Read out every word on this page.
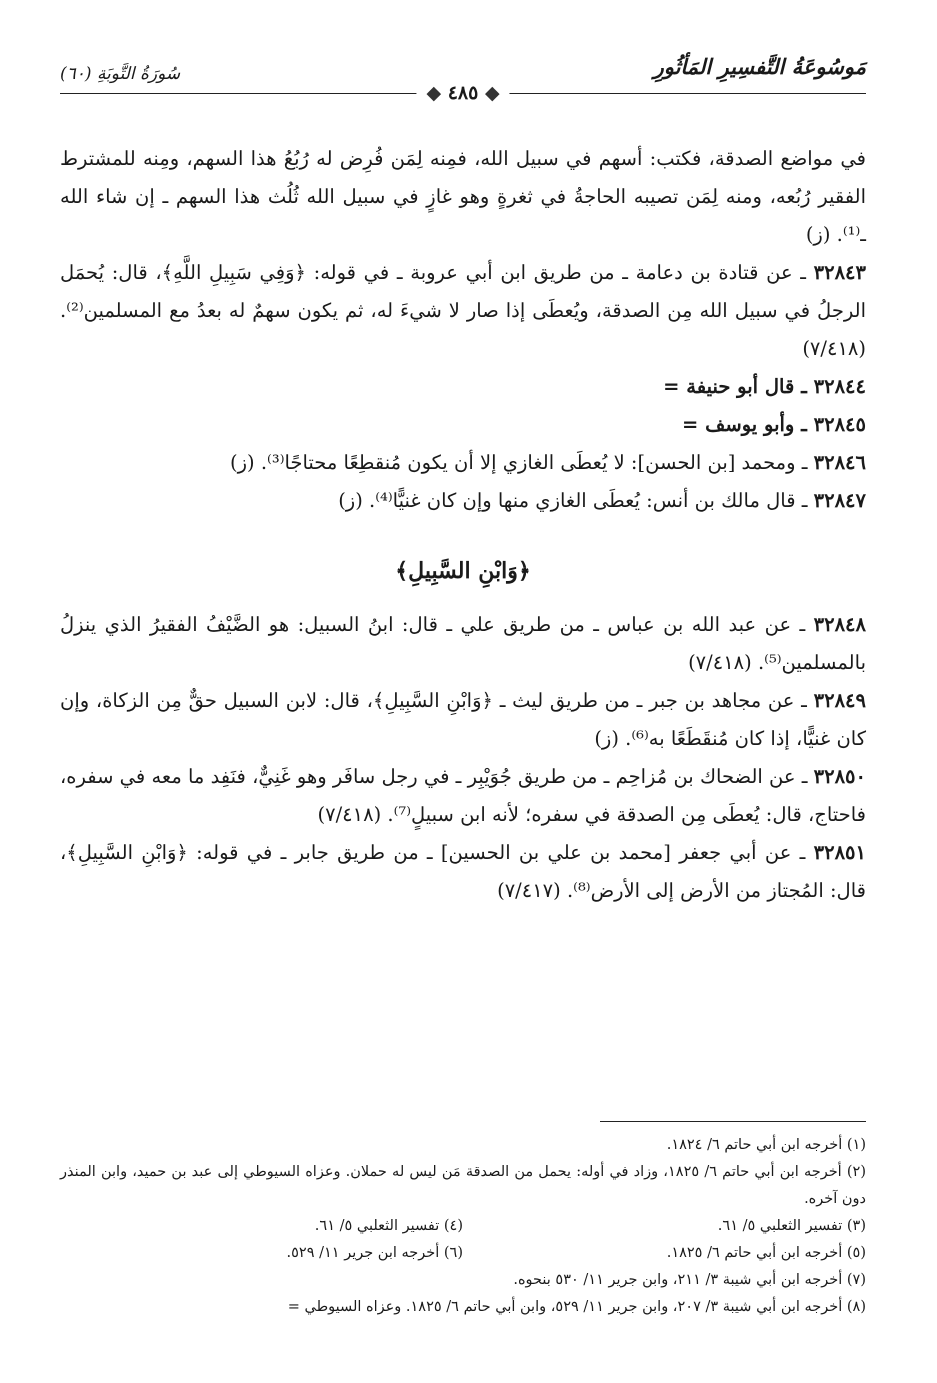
مَوسُوعَةُ التَّفسِيرِ المَأثُورِ
سُورَةُ التَّوبَةِ (٦٠)
◆ ٤٨٥ ◆

في مواضع الصدقة، فكتب: أسهم في سبيل الله، فمِنه لِمَن فُرِض له رُبُعُ هذا السهم، ومِنه للمشترط الفقير رُبُعه، ومنه لِمَن تصيبه الحاجةُ في ثغرةٍ وهو غازٍ في سبيل الله ثُلُث هذا السهم ـ إن شاء الله ـ⁽¹⁾. (ز)

٣٢٨٤٣ ـ عن قتادة بن دعامة ـ من طريق ابن أبي عروبة ـ في قوله: ﴿وَفِي سَبِيلِ اللَّهِ﴾، قال: يُحمَل الرجلُ في سبيل الله مِن الصدقة، ويُعطَى إذا صار لا شيءَ له، ثم يكون سهمٌ له بعدُ مع المسلمين⁽²⁾. (٧/٤١٨)

٣٢٨٤٤ ـ قال أبو حنيفة =

٣٢٨٤٥ ـ وأبو يوسف =

٣٢٨٤٦ ـ ومحمد [بن الحسن]: لا يُعطَى الغازي إلا أن يكون مُنقطِعًا محتاجًا⁽³⁾. (ز)

٣٢٨٤٧ ـ قال مالك بن أنس: يُعطَى الغازي منها وإن كان غنيًّا⁽⁴⁾. (ز)

﴿وَابْنِ السَّبِيلِ﴾

٣٢٨٤٨ ـ عن عبد الله بن عباس ـ من طريق علي ـ قال: ابنُ السبيل: هو الضَّيْفُ الفقيرُ الذي ينزلُ بالمسلمين⁽⁵⁾. (٧/٤١٨)

٣٢٨٤٩ ـ عن مجاهد بن جبر ـ من طريق ليث ـ ﴿وَابْنِ السَّبِيلِ﴾، قال: لابن السبيل حقٌّ مِن الزكاة، وإن كان غنيًّا، إذا كان مُنقَطَعًا به⁽⁶⁾. (ز)

٣٢٨٥٠ ـ عن الضحاك بن مُزاحِم ـ من طريق جُوَيْبِر ـ في رجل سافَر وهو غَنِيٌّ، فنَفِد ما معه في سفره، فاحتاج، قال: يُعطَى مِن الصدقة في سفره؛ لأنه ابن سبيلٍ⁽⁷⁾. (٧/٤١٨)

٣٢٨٥١ ـ عن أبي جعفر [محمد بن علي بن الحسين] ـ من طريق جابر ـ في قوله: ﴿وَابْنِ السَّبِيلِ﴾، قال: المُجتاز من الأرض إلى الأرض⁽⁸⁾. (٧/٤١٧)

(١) أخرجه ابن أبي حاتم ٦/ ١٨٢٤.

(٢) أخرجه ابن أبي حاتم ٦/ ١٨٢٥، وزاد في أوله: يحمل من الصدقة مَن ليس له حملان. وعزاه السيوطي إلى عبد بن حميد، وابن المنذر دون آخره.

(٣) تفسير الثعلبي ٥/ ٦١.
(٤) تفسير الثعلبي ٥/ ٦١.
(٥) أخرجه ابن أبي حاتم ٦/ ١٨٢٥.
(٦) أخرجه ابن جرير ١١/ ٥٢٩.

(٧) أخرجه ابن أبي شيبة ٣/ ٢١١، وابن جرير ١١/ ٥٣٠ بنحوه.

(٨) أخرجه ابن أبي شيبة ٣/ ٢٠٧، وابن جرير ١١/ ٥٢٩، وابن أبي حاتم ٦/ ١٨٢٥. وعزاه السيوطي =
